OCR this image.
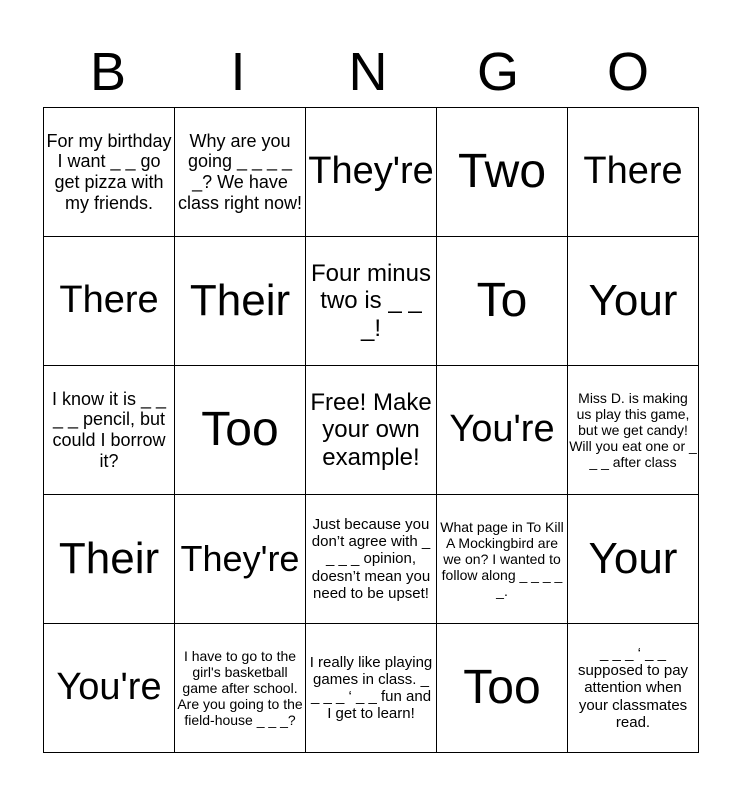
B	I	N	G	O
For my birthday I want _ _ go get pizza with my friends.	Why are you going _ _ _ _ _? We have class right now!	They're	Two	There
There	Their	Four minus two is _ _ _!	To	Your
I know it is _ _ _ _ pencil, but could I borrow it?	Too	Free! Make your own example!	You're	Miss D. is making us play this game, but we get candy! Will you eat one or _ _ _ after class
Their	They're	Just because you don’t agree with _ _ _ _ opinion, doesn’t mean you need to be upset!	What page in To Kill A Mockingbird are we on? I wanted to follow along _ _ _ _ _.	Your
You're	I have to go to the girl's basketball game after school. Are you going to the field-house _ _ _?	I really like playing games in class. _ _ _ _ ‘ _ _ fun and I get to learn!	Too	_ _ _ ‘ _ _ supposed to pay attention when your classmates read.
